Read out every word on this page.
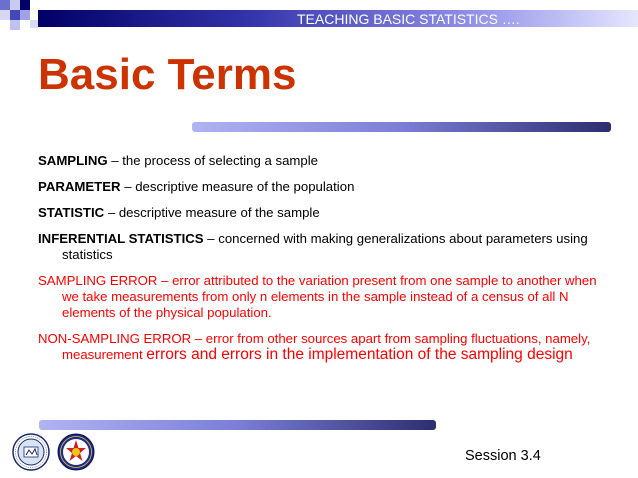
TEACHING BASIC STATISTICS ….
Basic Terms
SAMPLING – the process of selecting a sample
PARAMETER – descriptive measure of the population
STATISTIC – descriptive measure of the sample
INFERENTIAL STATISTICS – concerned with making generalizations about parameters using statistics
SAMPLING ERROR – error attributed to the variation present from one sample to another when we take measurements from only n elements in the sample instead of a census of all N elements of the physical population.
NON-SAMPLING ERROR – error from other sources apart from sampling fluctuations, namely, measurement errors and errors in the implementation of the sampling design
Session 3.4
